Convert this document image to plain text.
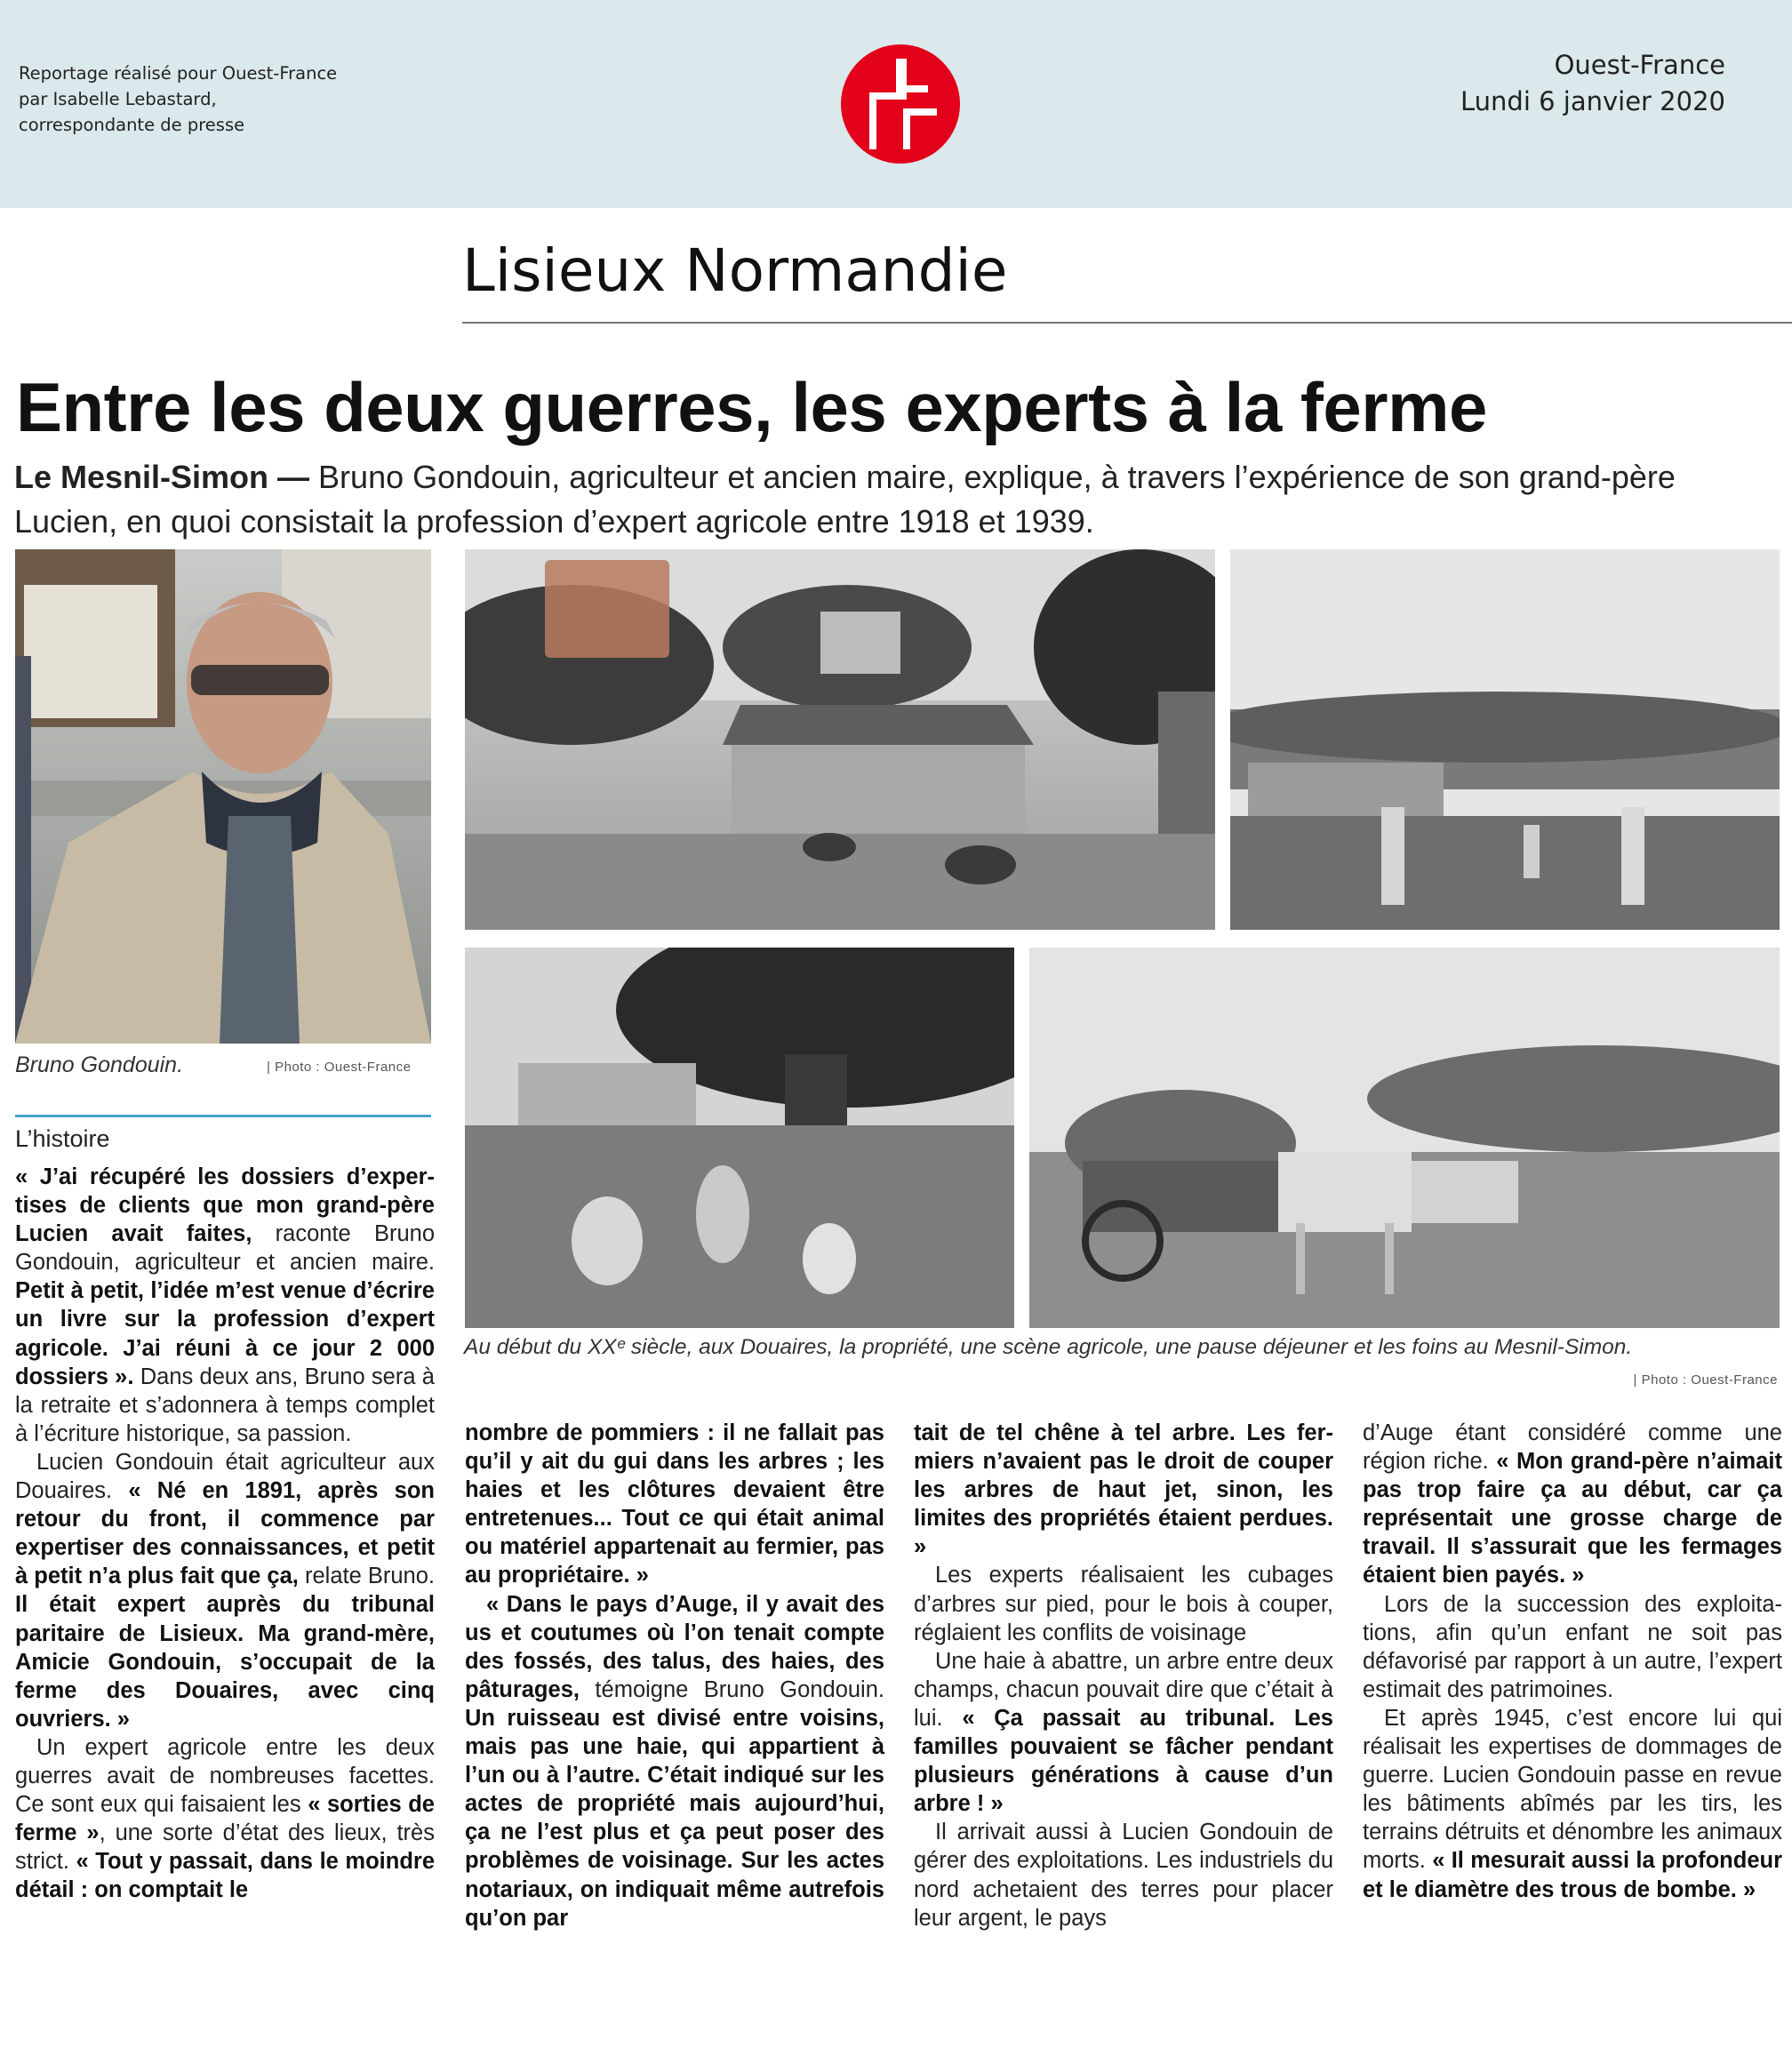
Reportage réalisé pour Ouest-France
par Isabelle Lebastard,
correspondante de presse
Ouest-France
Lundi 6 janvier 2020
Lisieux Normandie
Entre les deux guerres, les experts à la ferme
Le Mesnil-Simon — Bruno Gondouin, agriculteur et ancien maire, explique, à travers l’expérience de son grand-père Lucien, en quoi consistait la profession d’expert agricole entre 1918 et 1939.
Bruno Gondouin.	| Photo : Ouest-France
Au début du XXᵉ siècle, aux Douaires, la propriété, une scène agricole, une pause déjeuner et les foins au Mesnil-Simon.
| Photo : Ouest-France
L’histoire

« J’ai récupéré les dossiers d’expertises de clients que mon grand-père Lucien avait faites, raconte Bruno Gondouin, agriculteur et ancien maire. Petit à petit, l’idée m’est venue d’écrire un livre sur la profession d’expert agricole. J’ai réuni à ce jour 2 000 dossiers ». Dans deux ans, Bruno sera à la retraite et s’adonnera à temps complet à l’écriture historique, sa passion.

Lucien Gondouin était agriculteur aux Douaires. « Né en 1891, après son retour du front, il commence par expertiser des connaissances, et petit à petit n’a plus fait que ça, relate Bruno. Il était expert auprès du tribunal paritaire de Lisieux. Ma grand-mère, Amicie Gondouin, s’occupait de la ferme des Douaires, avec cinq ouvriers. »

Un expert agricole entre les deux guerres avait de nombreuses facettes. Ce sont eux qui faisaient les « sorties de ferme », une sorte d’état des lieux, très strict. « Tout y passait, dans le moindre détail : on comptait le

nombre de pommiers : il ne fallait pas qu’il y ait du gui dans les arbres ; les haies et les clôtures devaient être entretenues... Tout ce qui était animal ou matériel appartenait au fermier, pas au propriétaire. »

« Dans le pays d’Auge, il y avait des us et coutumes où l’on tenait compte des fossés, des talus, des haies, des pâturages, témoigne Bruno Gondouin. Un ruisseau est divisé entre voisins, mais pas une haie, qui appartient à l’un ou à l’autre. C’était indiqué sur les actes de propriété mais aujourd’hui, ça ne l’est plus et ça peut poser des problèmes de voisinage. Sur les actes notariaux, on indiquait même autrefois qu’on par

tait de tel chêne à tel arbre. Les fermiers n’avaient pas le droit de couper les arbres de haut jet, sinon, les limites des propriétés étaient perdues. »

Les experts réalisaient les cubages d’arbres sur pied, pour le bois à couper, réglaient les conflits de voisinage

Une haie à abattre, un arbre entre deux champs, chacun pouvait dire que c’était à lui. « Ça passait au tribunal. Les familles pouvaient se fâcher pendant plusieurs générations à cause d’un arbre ! »

Il arrivait aussi à Lucien Gondouin de gérer des exploitations. Les industriels du nord achetaient des terres pour placer leur argent, le pays

d’Auge étant considéré comme une région riche. « Mon grand-père n’aimait pas trop faire ça au début, car ça représentait une grosse charge de travail. Il s’assurait que les fermages étaient bien payés. »

Lors de la succession des exploitations, afin qu’un enfant ne soit pas défavorisé par rapport à un autre, l’expert estimait des patrimoines.

Et après 1945, c’est encore lui qui réalisait les expertises de dommages de guerre. Lucien Gondouin passe en revue les bâtiments abîmés par les tirs, les terrains détruits et dénombre les animaux morts. « Il mesurait aussi la profondeur et le diamètre des trous de bombe. »
